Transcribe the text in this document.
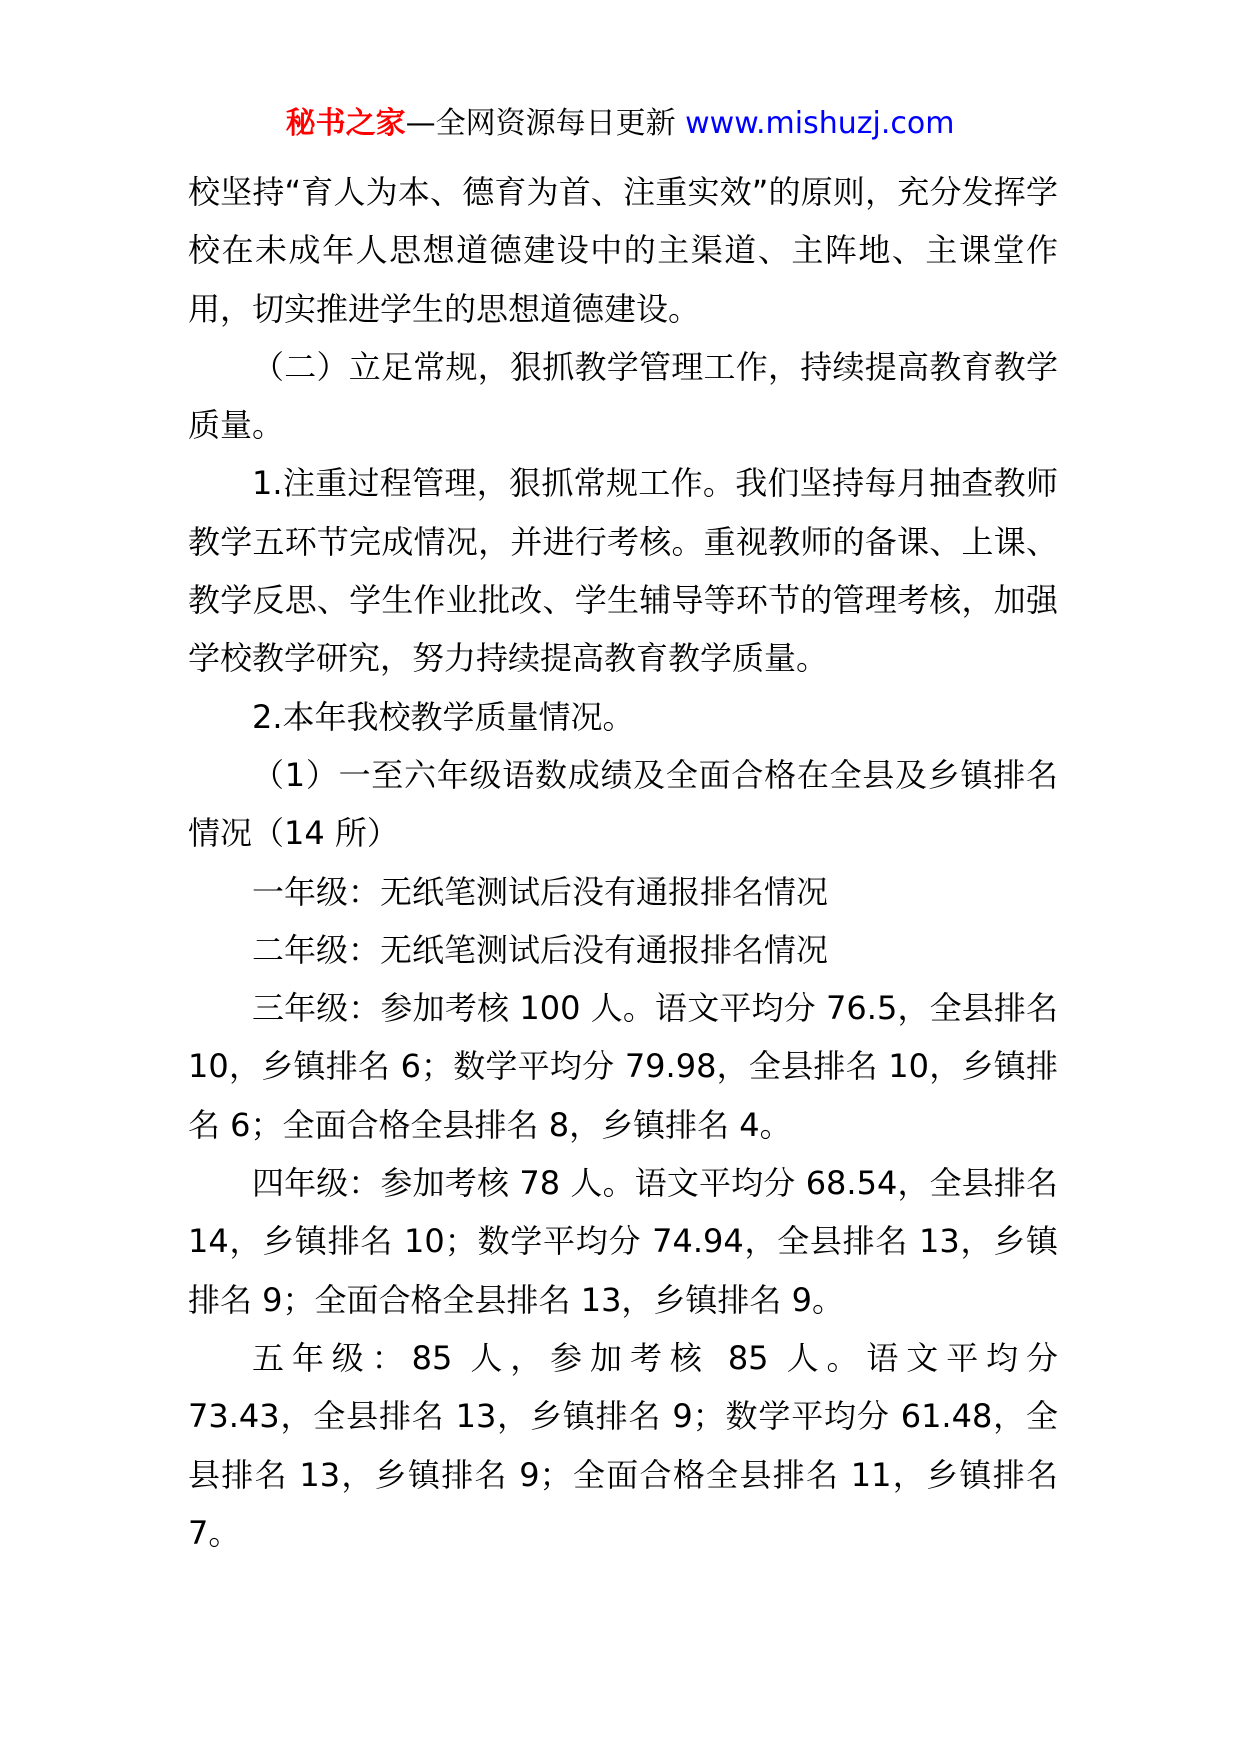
秘书之家—全网资源每日更新 www.mishuzj.com

校坚持“育人为本、德育为首、注重实效”的原则，充分发挥学校在未成年人思想道德建设中的主渠道、主阵地、主课堂作用，切实推进学生的思想道德建设。

（二）立足常规，狠抓教学管理工作，持续提高教育教学质量。

1.注重过程管理，狠抓常规工作。我们坚持每月抽查教师教学五环节完成情况，并进行考核。重视教师的备课、上课、教学反思、学生作业批改、学生辅导等环节的管理考核，加强学校教学研究，努力持续提高教育教学质量。

2.本年我校教学质量情况。

（1）一至六年级语数成绩及全面合格在全县及乡镇排名情况（14 所）

一年级：无纸笔测试后没有通报排名情况

二年级：无纸笔测试后没有通报排名情况

三年级：参加考核 100 人。语文平均分 76.5，全县排名 10，乡镇排名 6；数学平均分 79.98，全县排名 10，乡镇排名 6；全面合格全县排名 8，乡镇排名 4。

四年级：参加考核 78 人。语文平均分 68.54，全县排名 14，乡镇排名 10；数学平均分 74.94，全县排名 13，乡镇排名 9；全面合格全县排名 13，乡镇排名 9。

五年级：85 人，参加考核 85 人。语文平均分

73.43，全县排名 13，乡镇排名 9；数学平均分 61.48，全县排名 13，乡镇排名 9；全面合格全县排名 11，乡镇排名 7。
